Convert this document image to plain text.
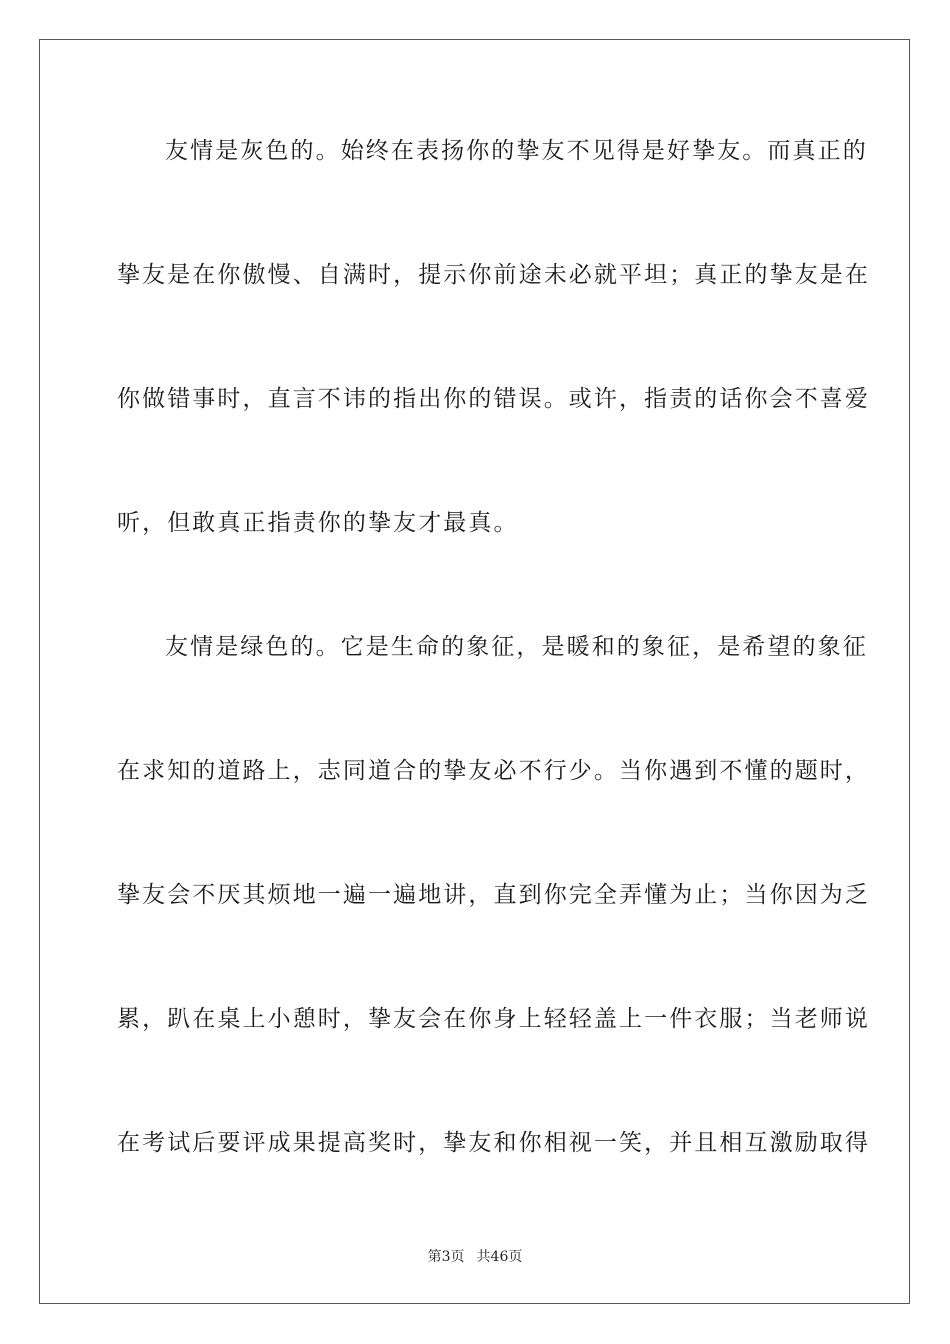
友情是灰色的。始终在表扬你的挚友不见得是好挚友。而真正的
挚友是在你傲慢、自满时，提示你前途未必就平坦；真正的挚友是在
你做错事时，直言不讳的指出你的错误。或许，指责的话你会不喜爱
听，但敢真正指责你的挚友才最真。
友情是绿色的。它是生命的象征，是暖和的象征，是希望的象征
在求知的道路上，志同道合的挚友必不行少。当你遇到不懂的题时，
挚友会不厌其烦地一遍一遍地讲，直到你完全弄懂为止；当你因为乏
累，趴在桌上小憩时，挚友会在你身上轻轻盖上一件衣服；当老师说
在考试后要评成果提高奖时，挚友和你相视一笑，并且相互激励取得
第3页 共46页
